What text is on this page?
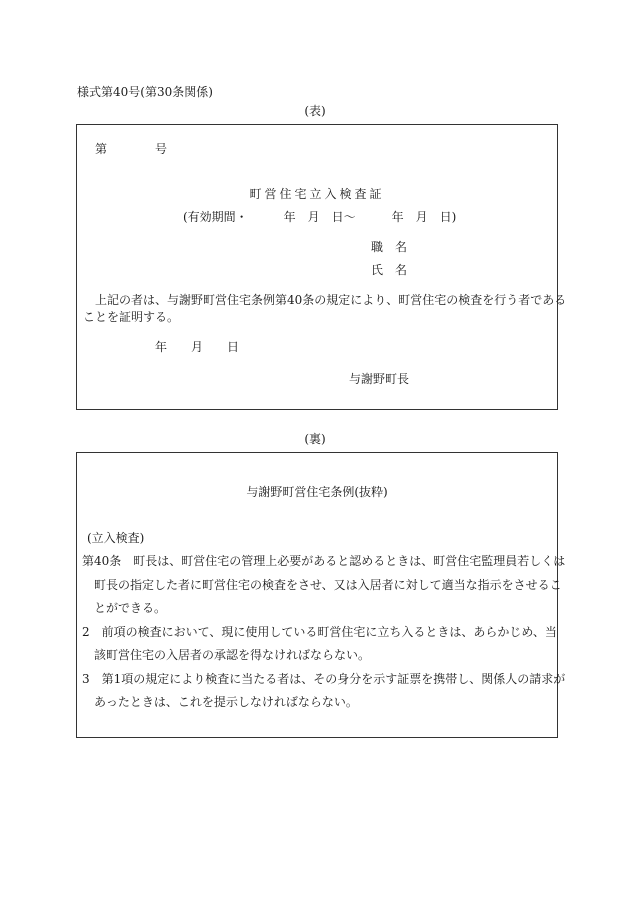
様式第40号(第30条関係)
(表)
第	号
町営住宅立入検査証
(有効期間・　　　年　月　日〜　　　年　月　日)
職　名
氏　名
上記の者は、与謝野町営住宅条例第40条の規定により、町営住宅の検査を行う者である
ことを証明する。
年　　月　　日
与謝野町長
(裏)
与謝野町営住宅条例(抜粋)
(立入検査)
第40条　町長は、町営住宅の管理上必要があると認めるときは、町営住宅監理員若しくは
町長の指定した者に町営住宅の検査をさせ、又は入居者に対して適当な指示をさせるこ
とができる。
2　前項の検査において、現に使用している町営住宅に立ち入るときは、あらかじめ、当
該町営住宅の入居者の承認を得なければならない。
3　第1項の規定により検査に当たる者は、その身分を示す証票を携帯し、関係人の請求が
あったときは、これを提示しなければならない。
